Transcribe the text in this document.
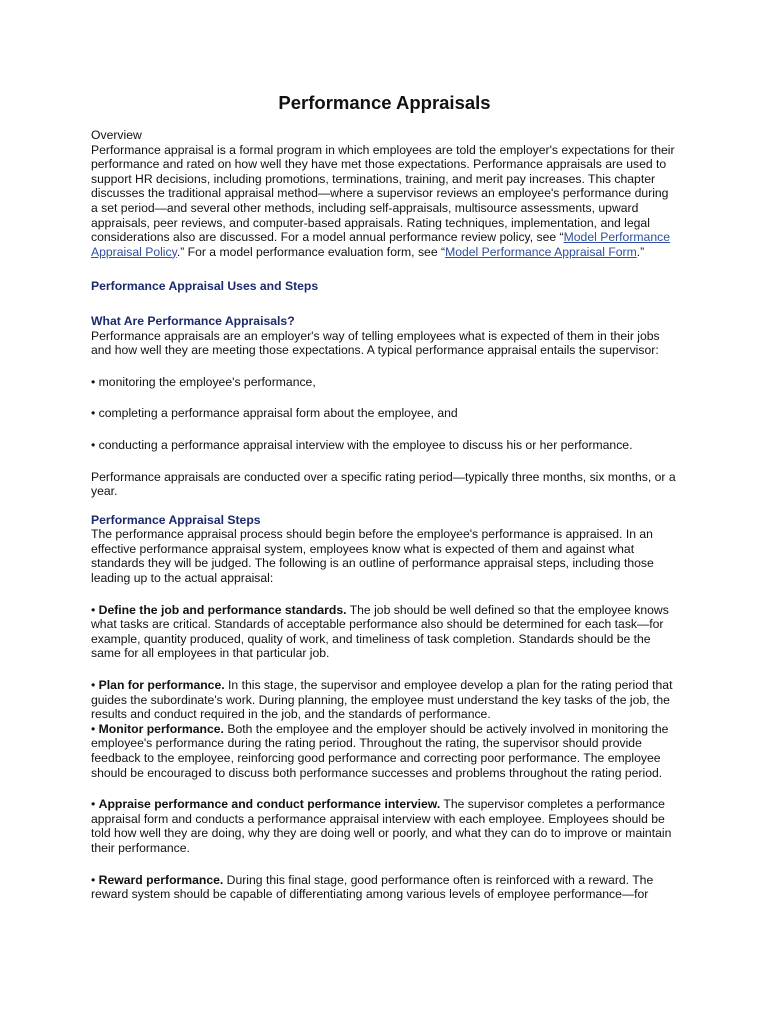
Performance Appraisals

Overview

Performance appraisal is a formal program in which employees are told the employer's expectations for their performance and rated on how well they have met those expectations. Performance appraisals are used to support HR decisions, including promotions, terminations, training, and merit pay increases. This chapter discusses the traditional appraisal method—where a supervisor reviews an employee's performance during a set period—and several other methods, including self-appraisals, multisource assessments, upward appraisals, peer reviews, and computer-based appraisals. Rating techniques, implementation, and legal considerations also are discussed. For a model annual performance review policy, see “Model Performance Appraisal Policy.” For a model performance evaluation form, see “Model Performance Appraisal Form.”

Performance Appraisal Uses and Steps

What Are Performance Appraisals?

Performance appraisals are an employer's way of telling employees what is expected of them in their jobs and how well they are meeting those expectations. A typical performance appraisal entails the supervisor:

• monitoring the employee's performance,

• completing a performance appraisal form about the employee, and

• conducting a performance appraisal interview with the employee to discuss his or her performance.

Performance appraisals are conducted over a specific rating period—typically three months, six months, or a year.

Performance Appraisal Steps

The performance appraisal process should begin before the employee's performance is appraised. In an effective performance appraisal system, employees know what is expected of them and against what standards they will be judged. The following is an outline of performance appraisal steps, including those leading up to the actual appraisal:

• Define the job and performance standards. The job should be well defined so that the employee knows what tasks are critical. Standards of acceptable performance also should be determined for each task—for example, quantity produced, quality of work, and timeliness of task completion. Standards should be the same for all employees in that particular job.

• Plan for performance. In this stage, the supervisor and employee develop a plan for the rating period that guides the subordinate's work. During planning, the employee must understand the key tasks of the job, the results and conduct required in the job, and the standards of performance.

• Monitor performance. Both the employee and the employer should be actively involved in monitoring the employee's performance during the rating period. Throughout the rating, the supervisor should provide feedback to the employee, reinforcing good performance and correcting poor performance. The employee should be encouraged to discuss both performance successes and problems throughout the rating period.

• Appraise performance and conduct performance interview. The supervisor completes a performance appraisal form and conducts a performance appraisal interview with each employee. Employees should be told how well they are doing, why they are doing well or poorly, and what they can do to improve or maintain their performance.

• Reward performance. During this final stage, good performance often is reinforced with a reward. The reward system should be capable of differentiating among various levels of employee performance—for
